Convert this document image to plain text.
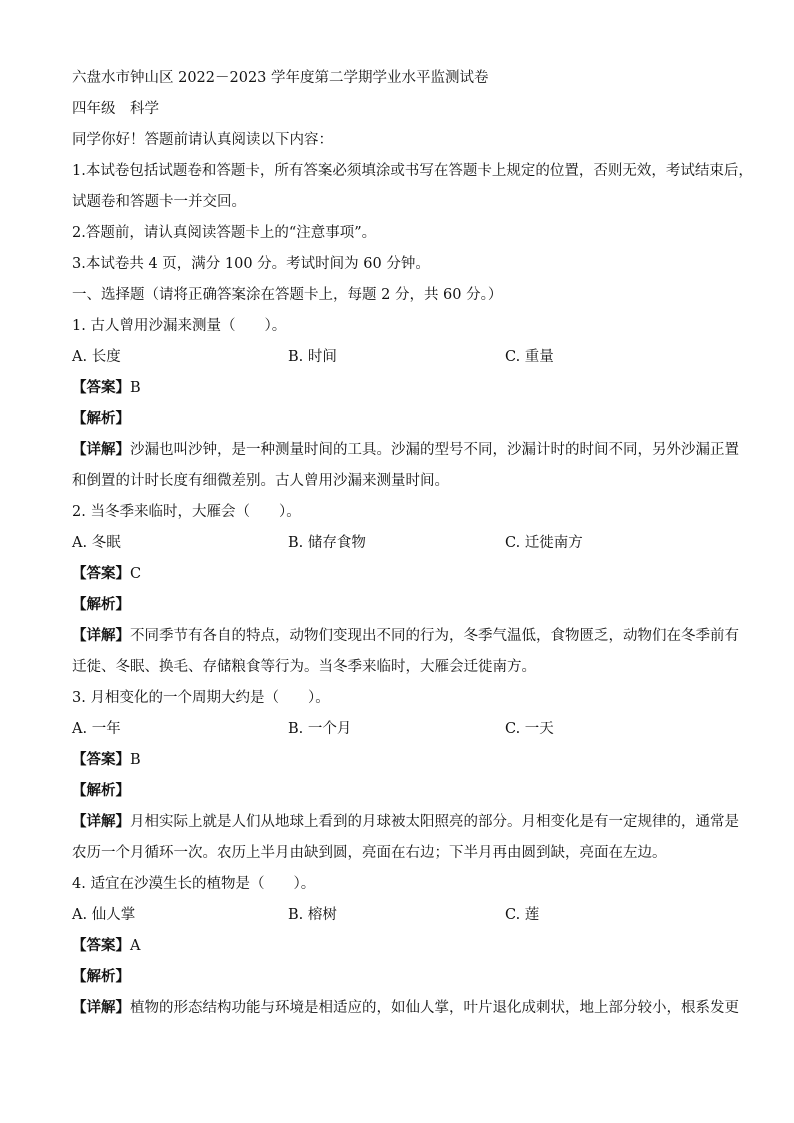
六盘水市钟山区 2022－2023 学年度第二学期学业水平监测试卷
四年级　科学
同学你好！答题前请认真阅读以下内容：
1.本试卷包括试题卷和答题卡，所有答案必须填涂或书写在答题卡上规定的位置，否则无效，考试结束后，
试题卷和答题卡一并交回。
2.答题前，请认真阅读答题卡上的“注意事项”。
3.本试卷共 4 页，满分 100 分。考试时间为 60 分钟。
一、选择题（请将正确答案涂在答题卡上，每题 2 分，共 60 分。）
1. 古人曾用沙漏来测量（　　）。
A. 长度	B. 时间	C. 重量
【答案】B
【解析】
【详解】沙漏也叫沙钟，是一种测量时间的工具。沙漏的型号不同，沙漏计时的时间不同，另外沙漏正置
和倒置的计时长度有细微差别。古人曾用沙漏来测量时间。
2. 当冬季来临时，大雁会（　　）。
A. 冬眠	B. 储存食物	C. 迁徙南方
【答案】C
【解析】
【详解】不同季节有各自的特点，动物们变现出不同的行为，冬季气温低，食物匮乏，动物们在冬季前有
迁徙、冬眠、换毛、存储粮食等行为。当冬季来临时，大雁会迁徙南方。
3. 月相变化的一个周期大约是（　　）。
A. 一年	B. 一个月	C. 一天
【答案】B
【解析】
【详解】月相实际上就是人们从地球上看到的月球被太阳照亮的部分。月相变化是有一定规律的，通常是
农历一个月循环一次。农历上半月由缺到圆，亮面在右边；下半月再由圆到缺，亮面在左边。
4. 适宜在沙漠生长的植物是（　　）。
A. 仙人掌	B. 榕树	C. 莲
【答案】A
【解析】
【详解】植物的形态结构功能与环境是相适应的，如仙人掌，叶片退化成刺状，地上部分较小，根系发更
